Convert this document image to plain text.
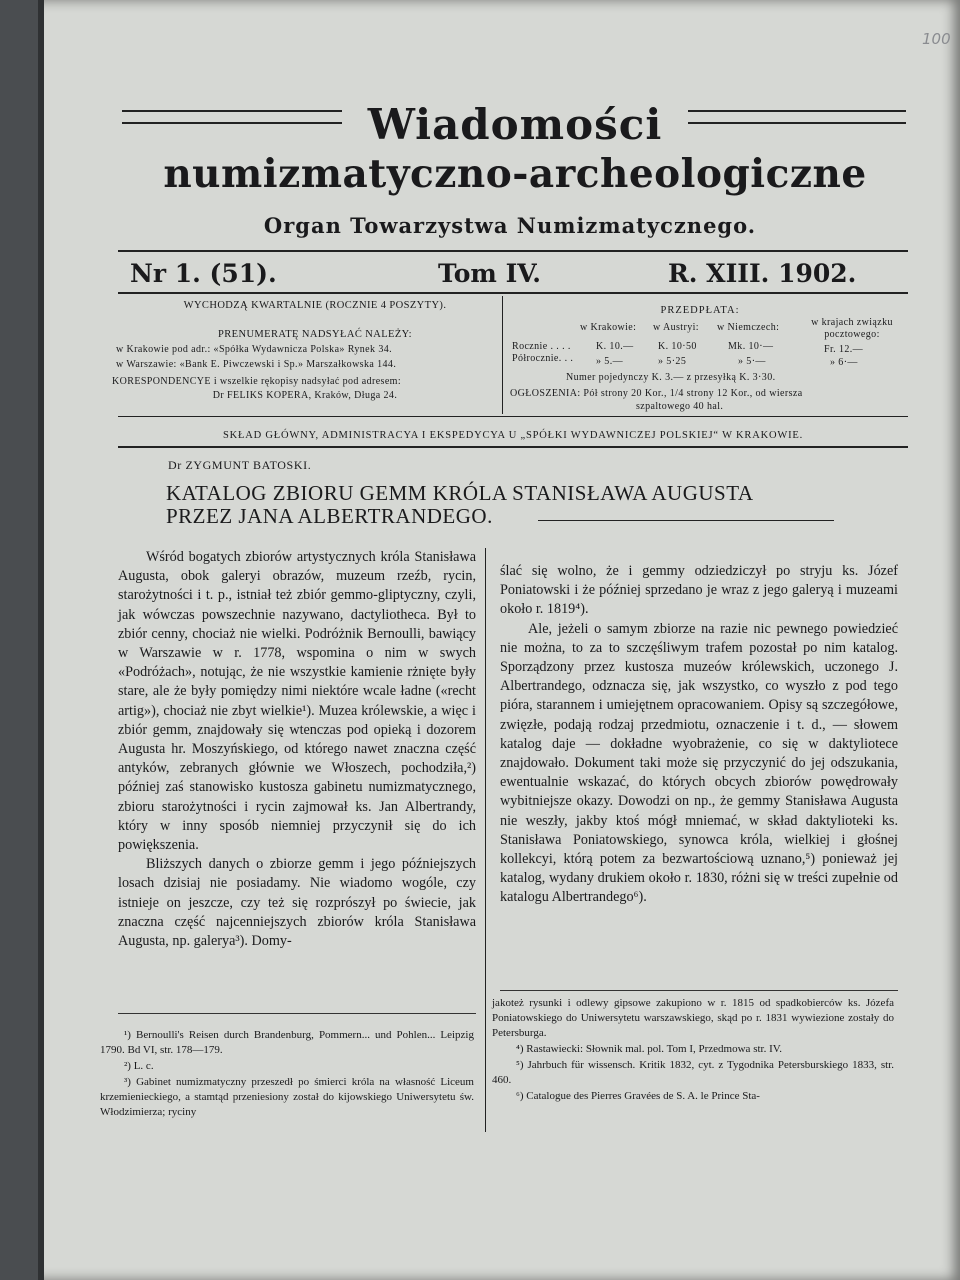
100
Wiadomości
numizmatyczno-archeologiczne
Organ Towarzystwa Numizmatycznego.
Nr 1. (51).	Tom IV.	R. XIII. 1902.
WYCHODZĄ KWARTALNIE (ROCZNIE 4 POSZYTY).
PRENUMERATĘ NADSYŁAĆ NALEŻY:
w Krakowie pod adr.: «Spółka Wydawnicza Polska» Rynek 34.
w Warszawie: «Bank E. Piwczewski i Sp.» Marszałkowska 144.
KORESPONDENCYE i wszelkie rękopisy nadsyłać pod adresem:
Dr FELIKS KOPERA, Kraków, Długa 24.
PRZEDPŁATA:
w Krakowie: w Austryi: w Niemczech:	w krajach związku pocztowego:
Rocznie . . . .	K. 10.— K. 10·50	Mk. 10·—	Fr. 12.—
Półrocznie. . . » 5.—	» 5·25	» 5·—	» 6·—
Numer pojedynczy K. 3.— z przesyłką K. 3·30.
OGŁOSZENIA: Pół strony 20 Kor., 1/4 strony 12 Kor., od wiersza
szpaltowego 40 hal.
SKŁAD GŁÓWNY, ADMINISTRACYA I EKSPEDYCYA U „SPÓŁKI WYDAWNICZEJ POLSKIEJ“ W KRAKOWIE.
Dr ZYGMUNT BATOSKI.
KATALOG ZBIORU GEMM KRÓLA STANISŁAWA AUGUSTA
PRZEZ JANA ALBERTRANDEGO.

Wśród bogatych zbiorów artystycznych króla Stanisława Augusta, obok galeryi obrazów, muzeum rzeźb, rycin, starożytności i t. p., istniał też zbiór gemmo-gliptyczny, czyli, jak wówczas powszechnie nazywano, dactyliotheca. Był to zbiór cenny, chociaż nie wielki. Podróżnik Bernoulli, bawiący w Warszawie w r. 1778, wspomina o nim w swych «Podróżach», notując, że nie wszystkie kamienie rżnięte były stare, ale że były pomiędzy nimi niektóre wcale ładne («recht artig»), chociaż nie zbyt wielkie¹). Muzea królewskie, a więc i zbiór gemm, znajdowały się wtenczas pod opieką i dozorem Augusta hr. Moszyńskiego, od którego nawet znaczna część antyków, zebranych głównie we Włoszech, pochodziła,²) później zaś stanowisko kustosza gabinetu numizmatycznego, zbioru starożytności i rycin zajmował ks. Jan Albertrandy, który w inny sposób niemniej przyczynił się do ich powiększenia.

Bliższych danych o zbiorze gemm i jego późniejszych losach dzisiaj nie posiadamy. Nie wiadomo wogóle, czy istnieje on jeszcze, czy też się rozprószył po świecie, jak znaczna część najcenniejszych zbiorów króla Stanisława Augusta, np. galerya³). Domy-

ślać się wolno, że i gemmy odziedziczył po stryju ks. Józef Poniatowski i że później sprzedano je wraz z jego galeryą i muzeami około r. 1819⁴).

Ale, jeżeli o samym zbiorze na razie nic pewnego powiedzieć nie można, to za to szczęśliwym trafem pozostał po nim katalog. Sporządzony przez kustosza muzeów królewskich, uczonego J. Albertrandego, odznacza się, jak wszystko, co wyszło z pod tego pióra, starannem i umiejętnem opracowaniem. Opisy są szczegółowe, zwięzłe, podają rodzaj przedmiotu, oznaczenie i t. d., — słowem katalog daje — dokładne wyobrażenie, co się w daktyliotece znajdowało. Dokument taki może się przyczynić do jej odszukania, ewentualnie wskazać, do których obcych zbiorów powędrowały wybitniejsze okazy. Dowodzi on np., że gemmy Stanisława Augusta nie weszły, jakby ktoś mógł mniemać, w skład daktylioteki ks. Stanisława Poniatowskiego, synowca króla, wielkiej i głośnej kollekcyi, którą potem za bezwartościową uznano,⁵) ponieważ jej katalog, wydany drukiem około r. 1830, różni się w treści zupełnie od katalogu Albertrandego⁶).

¹) Bernoulli's Reisen durch Brandenburg, Pommern... und Pohlen... Leipzig 1790. Bd VI, str. 178—179.

²) L. c.

³) Gabinet numizmatyczny przeszedł po śmierci króla na własność Liceum krzemienieckiego, a stamtąd przeniesiony został do kijowskiego Uniwersytetu św. Włodzimierza; ryciny

jakoteż rysunki i odlewy gipsowe zakupiono w r. 1815 od spadkobierców ks. Józefa Poniatowskiego do Uniwersytetu warszawskiego, skąd po r. 1831 wywiezione zostały do Petersburga.

⁴) Rastawiecki: Słownik mal. pol. Tom I, Przedmowa str. IV.

⁵) Jahrbuch für wissensch. Kritik 1832, cyt. z Tygodnika Petersburskiego 1833, str. 460.

⁶) Catalogue des Pierres Gravées de S. A. le Prince Sta-
